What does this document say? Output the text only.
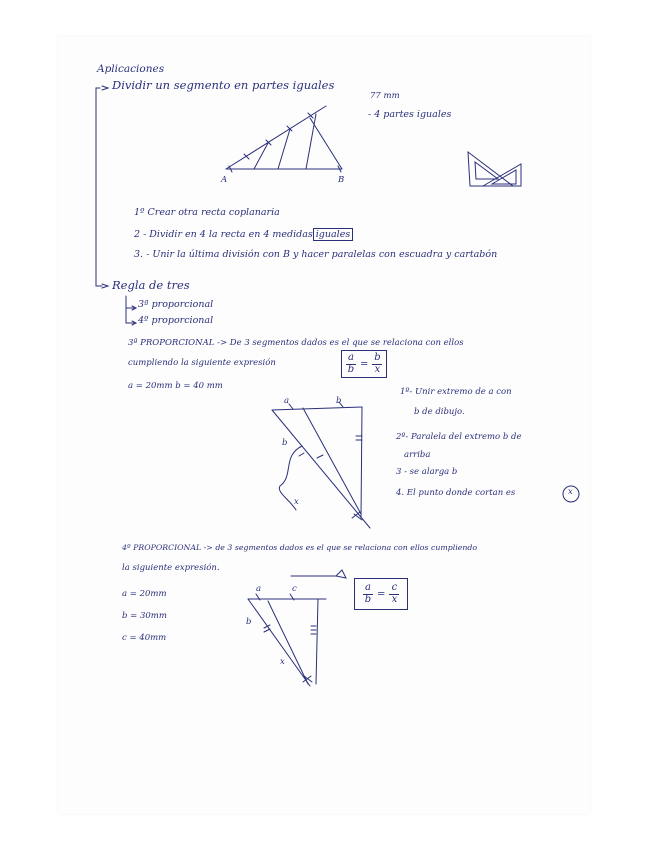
Aplicaciones
Dividir un segmento en partes iguales
77 mm
- 4 partes iguales
A	B
1º Crear otra recta coplanaria
2 - Dividir en 4 la recta en 4 medidas iguales
3. - Unir la última división con B y hacer paralelas con escuadra y cartabón
Regla de tres
3ª proporcional
4º proporcional
3ª PROPORCIONAL -> De 3 segmentos dados es el que se relaciona con ellos
cumpliendo la siguiente expresión	a
b =
b
x
a = 20mm b = 40 mm
a	b
b
x
1º- Unir extremo de a con
b de dibujo.
2º- Paralela del extremo b de
arriba
3 - se alarga b
4. El punto donde cortan es	x
4º PROPORCIONAL -> de 3 segmentos dados es el que se relaciona con ellos cumpliendo
la siguiente expresión.
a = 20mm
b = 30mm
c = 40mm
a	c
b
x
a
b =
c
x
